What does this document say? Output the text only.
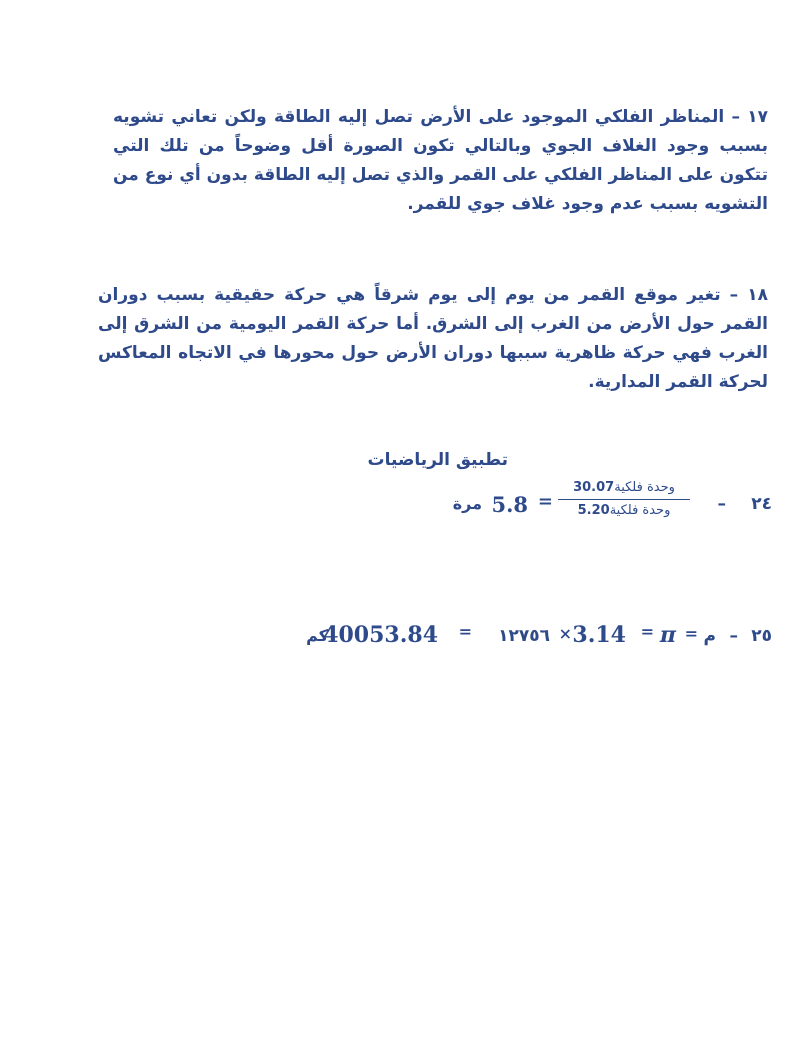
١٧ – المناظر الفلكي الموجود على الأرض تصل إليه الطاقة ولكن تعاني تشويه بسبب وجود الغلاف الجوي وبالتالي تكون الصورة أقل وضوحاً من تلك التي تتكون على المناظر الفلكي على القمر والذي تصل إليه الطاقة بدون أي نوع من التشويه بسبب عدم وجود غلاف جوي للقمر.

١٨ – تغير موقع القمر من يوم إلى يوم شرقاً هي حركة حقيقية بسبب دوران القمر حول الأرض من الغرب إلى الشرق. أما حركة القمر اليومية من الشرق إلى الغرب فهي حركة ظاهرية سببها دوران الأرض حول محورها في الاتجاه المعاكس لحركة القمر المدارية.

تطبيق الرياضيات
مرة 5.8 =
30.07وحدة فلكية
5.20وحدة فلكية	– ٢٤
كم
40053.84 = ١٢٧٥٦ × 3.14 = π = م – ٢٥
